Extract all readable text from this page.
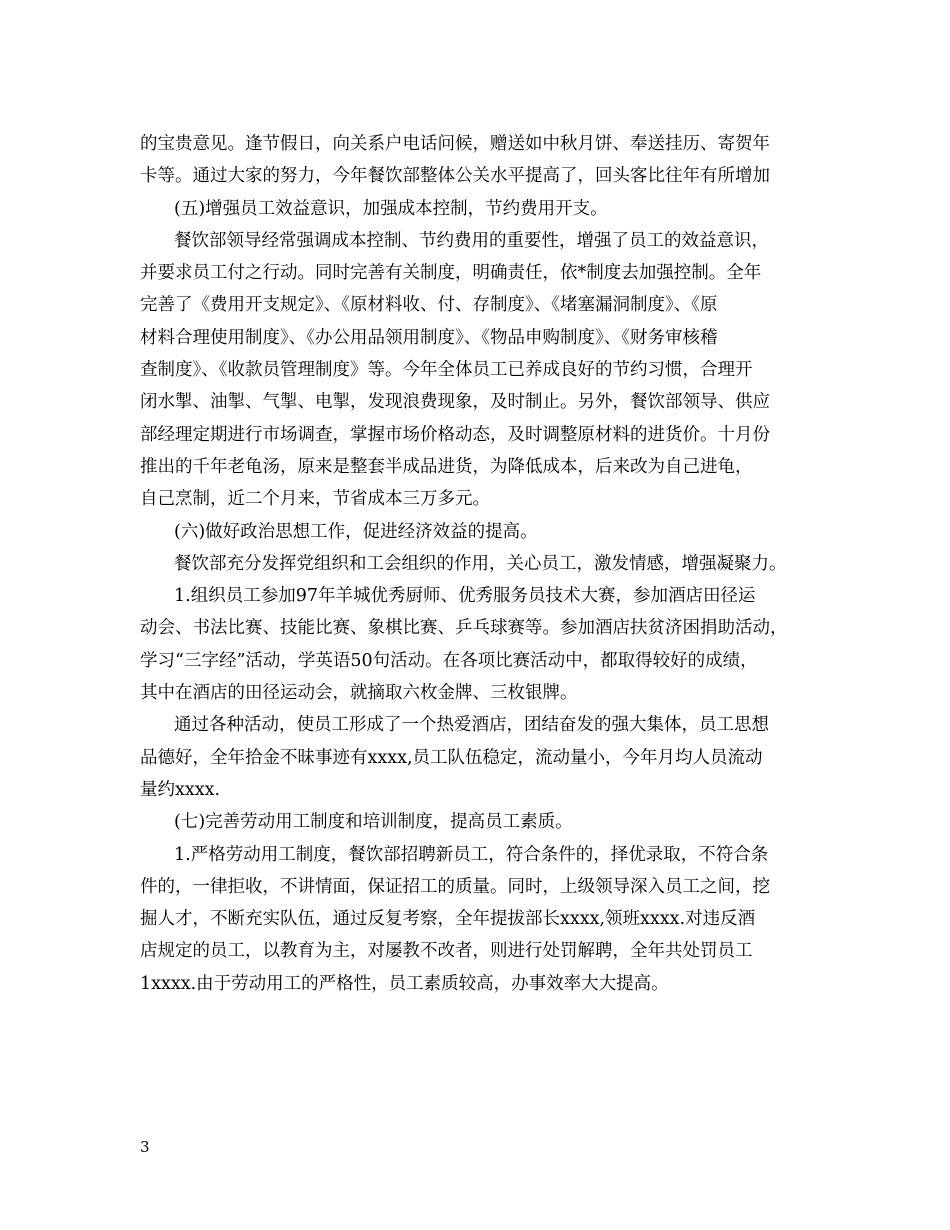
的宝贵意见。逢节假日，向关系户电话问候，赠送如中秋月饼、奉送挂历、寄贺年
卡等。通过大家的努力，今年餐饮部整体公关水平提高了，回头客比往年有所增加
(五)增强员工效益意识，加强成本控制，节约费用开支。
餐饮部领导经常强调成本控制、节约费用的重要性，增强了员工的效益意识，
并要求员工付之行动。同时完善有关制度，明确责任，依*制度去加强控制。全年
完善了《费用开支规定》、《原材料收、付、存制度》、《堵塞漏洞制度》、《原
材料合理使用制度》、《办公用品领用制度》、《物品申购制度》、《财务审核稽
查制度》、《收款员管理制度》等。今年全体员工已养成良好的节约习惯，合理开
闭水掣、油掣、气掣、电掣，发现浪费现象，及时制止。另外，餐饮部领导、供应
部经理定期进行市场调查，掌握市场价格动态，及时调整原材料的进货价。十月份
推出的千年老龟汤，原来是整套半成品进货，为降低成本，后来改为自己进龟，
自己烹制，近二个月来，节省成本三万多元。
(六)做好政治思想工作，促进经济效益的提高。
餐饮部充分发挥党组织和工会组织的作用，关心员工，激发情感，增强凝聚力。
1.组织员工参加97年羊城优秀厨师、优秀服务员技术大赛，参加酒店田径运
动会、书法比赛、技能比赛、象棋比赛、乒乓球赛等。参加酒店扶贫济困捐助活动，
学习“三字经”活动，学英语50句活动。在各项比赛活动中，都取得较好的成绩，
其中在酒店的田径运动会，就摘取六枚金牌、三枚银牌。
通过各种活动，使员工形成了一个热爱酒店，团结奋发的强大集体，员工思想
品德好，全年拾金不昧事迹有xxxx,员工队伍稳定，流动量小，今年月均人员流动
量约xxxx.
(七)完善劳动用工制度和培训制度，提高员工素质。
1.严格劳动用工制度，餐饮部招聘新员工，符合条件的，择优录取，不符合条
件的，一律拒收，不讲情面，保证招工的质量。同时，上级领导深入员工之间，挖
掘人才，不断充实队伍，通过反复考察，全年提拔部长xxxx,领班xxxx.对违反酒
店规定的员工，以教育为主，对屡教不改者，则进行处罚解聘，全年共处罚员工
1xxxx.由于劳动用工的严格性，员工素质较高，办事效率大大提高。
3
